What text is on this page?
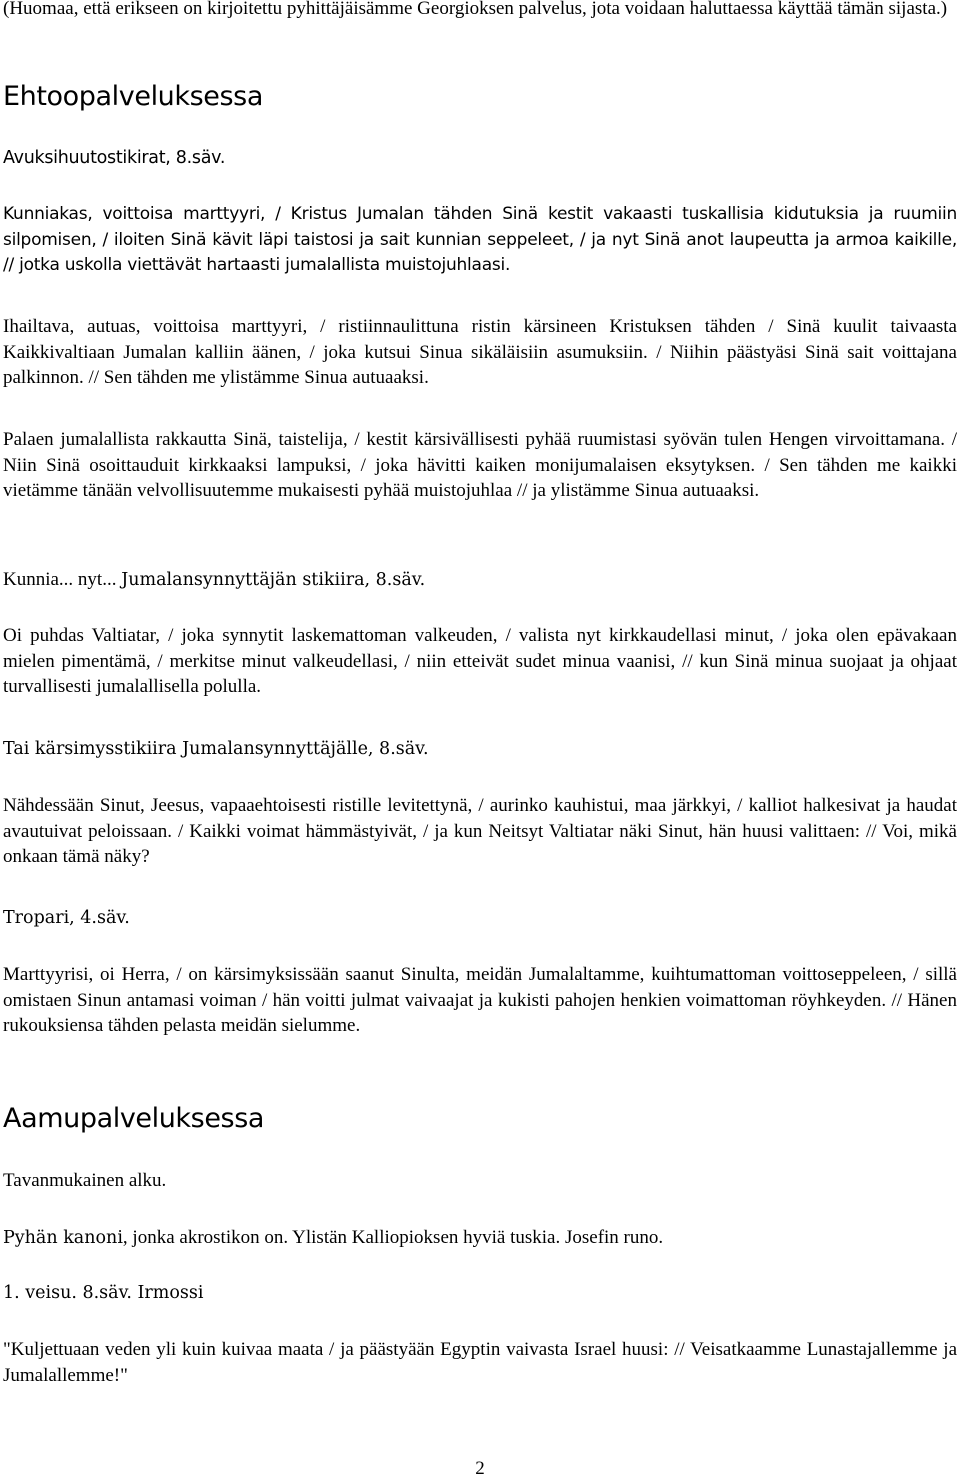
(Huomaa, että erikseen on kirjoitettu pyhittäjäisämme Georgioksen palvelus, jota voidaan haluttaessa käyttää tämän sijasta.)

Ehtoopalveluksessa
Avuksihuutostikirat, 8.säv.

Kunniakas, voittoisa marttyyri, / Kristus Jumalan tähden Sinä kestit vakaasti tuskallisia kidutuksia ja ruumiin silpomisen, / iloiten Sinä kävit läpi taistosi ja sait kunnian seppeleet, / ja nyt Sinä anot laupeutta ja armoa kaikille, // jotka uskolla viettävät hartaasti jumalallista muistojuhlaasi.

Ihailtava, autuas, voittoisa marttyyri, / ristiinnaulittuna ristin kärsineen Kristuksen tähden / Sinä kuulit taivaasta Kaikkivaltiaan Jumalan kalliin äänen, / joka kutsui Sinua sikäläisiin asumuksiin. / Niihin päästyäsi Sinä sait voittajana palkinnon. // Sen tähden me ylistämme Sinua autuaaksi.

Palaen jumalallista rakkautta Sinä, taistelija, / kestit kärsivällisesti pyhää ruumistasi syövän tulen Hengen virvoittamana. / Niin Sinä osoittauduit kirkkaaksi lampuksi, / joka hävitti kaiken monijumalaisen eksytyksen. / Sen tähden me kaikki vietämme tänään velvollisuutemme mukaisesti pyhää muistojuhlaa // ja ylistämme Sinua autuaaksi.

Kunnia... nyt... Jumalansynnyttäjän stikiira, 8.säv.

Oi puhdas Valtiatar, / joka synnytit laskemattoman valkeuden, / valista nyt kirkkaudellasi minut, / joka olen epävakaan mielen pimentämä, / merkitse minut valkeudellasi, / niin etteivät sudet minua vaanisi, // kun Sinä minua suojaat ja ohjaat turvallisesti jumalallisella polulla.

Tai kärsimysstikiira Jumalansynnyttäjälle, 8.säv.

Nähdessään Sinut, Jeesus, vapaaehtoisesti ristille levitettynä, / aurinko kauhistui, maa järkkyi, / kalliot halkesivat ja haudat avautuivat peloissaan. / Kaikki voimat hämmästyivät, / ja kun Neitsyt Valtiatar näki Sinut, hän huusi valittaen: // Voi, mikä onkaan tämä näky?

Tropari, 4.säv.

Marttyyrisi, oi Herra, / on kärsimyksissään saanut Sinulta, meidän Jumalaltamme, kuihtumattoman voittoseppeleen, / sillä omistaen Sinun antamasi voiman / hän voitti julmat vaivaajat ja kukisti pahojen henkien voimattoman röyhkeyden. // Hänen rukouksiensa tähden pelasta meidän sielumme.

Aamupalveluksessa

Tavanmukainen alku.

Pyhän kanoni, jonka akrostikon on. Ylistän Kalliopioksen hyviä tuskia. Josefin runo.

1. veisu. 8.säv. Irmossi

"Kuljettuaan veden yli kuin kuivaa maata / ja päästyään Egyptin vaivasta Israel huusi: // Veisatkaamme Lunastajallemme ja Jumalallemme!"

2
